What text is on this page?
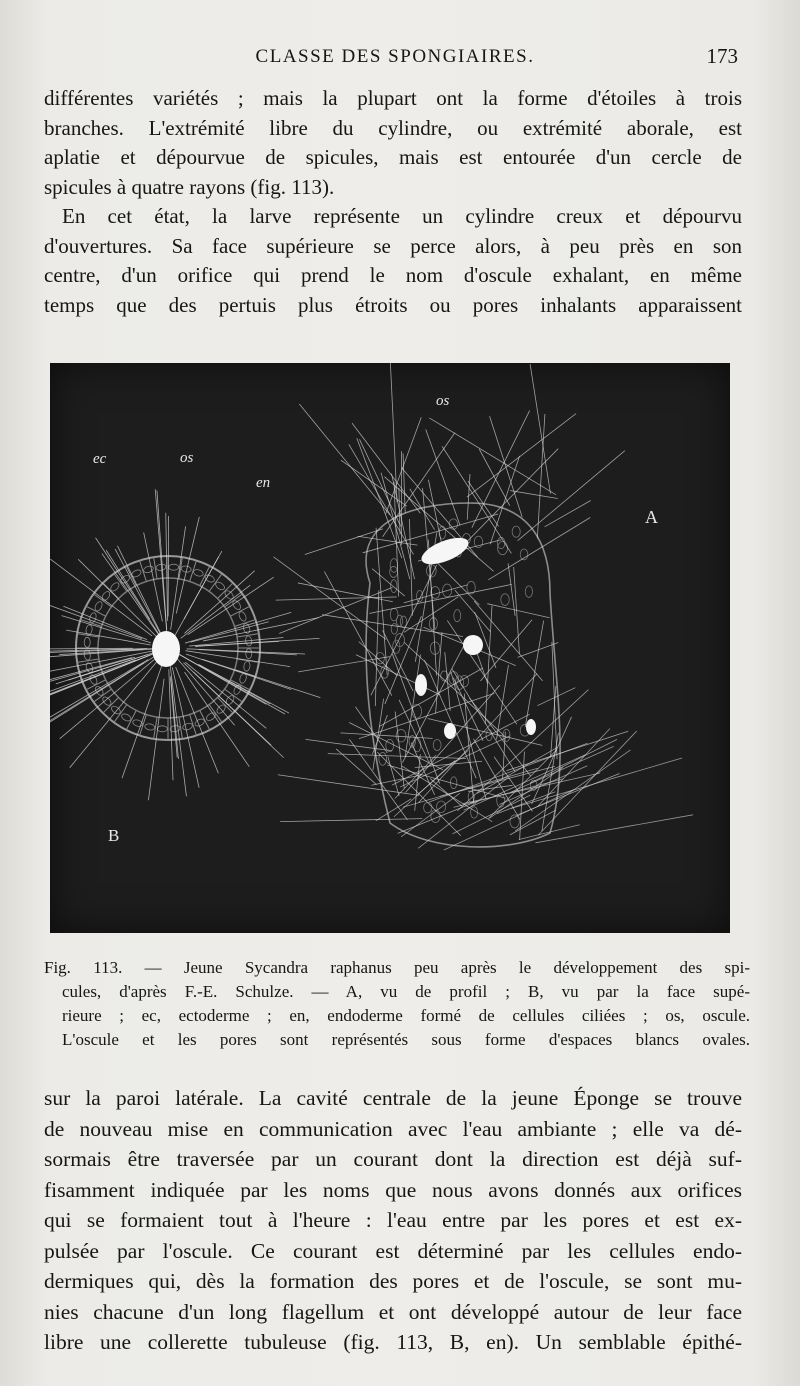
CLASSE DES SPONGIAIRES.	173

différentes variétés ; mais la plupart ont la forme d'étoiles à trois
branches. L'extrémité libre du cylindre, ou extrémité aborale, est
aplatie et dépourvue de spicules, mais est entourée d'un cercle de
spicules à quatre rayons (fig. 113).
En cet état, la larve représente un cylindre creux et dépourvu
d'ouvertures. Sa face supérieure se perce alors, à peu près en son
centre, d'un orifice qui prend le nom d'oscule exhalant, en même
temps que des pertuis plus étroits ou pores inhalants apparaissent

ec	os
en
os
A
B

Fig. 113. — Jeune Sycandra raphanus peu après le développement des spi-
cules, d'après F.-E. Schulze. — A, vu de profil ; B, vu par la face supé-
rieure ; ec, ectoderme ; en, endoderme formé de cellules ciliées ; os, oscule.
L'oscule et les pores sont représentés sous forme d'espaces blancs ovales.

sur la paroi latérale. La cavité centrale de la jeune Éponge se trouve
de nouveau mise en communication avec l'eau ambiante ; elle va dé-
sormais être traversée par un courant dont la direction est déjà suf-
fisamment indiquée par les noms que nous avons donnés aux orifices
qui se formaient tout à l'heure : l'eau entre par les pores et est ex-
pulsée par l'oscule. Ce courant est déterminé par les cellules endo-
dermiques qui, dès la formation des pores et de l'oscule, se sont mu-
nies chacune d'un long flagellum et ont développé autour de leur face
libre une collerette tubuleuse (fig. 113, B, en). Un semblable épithé-
